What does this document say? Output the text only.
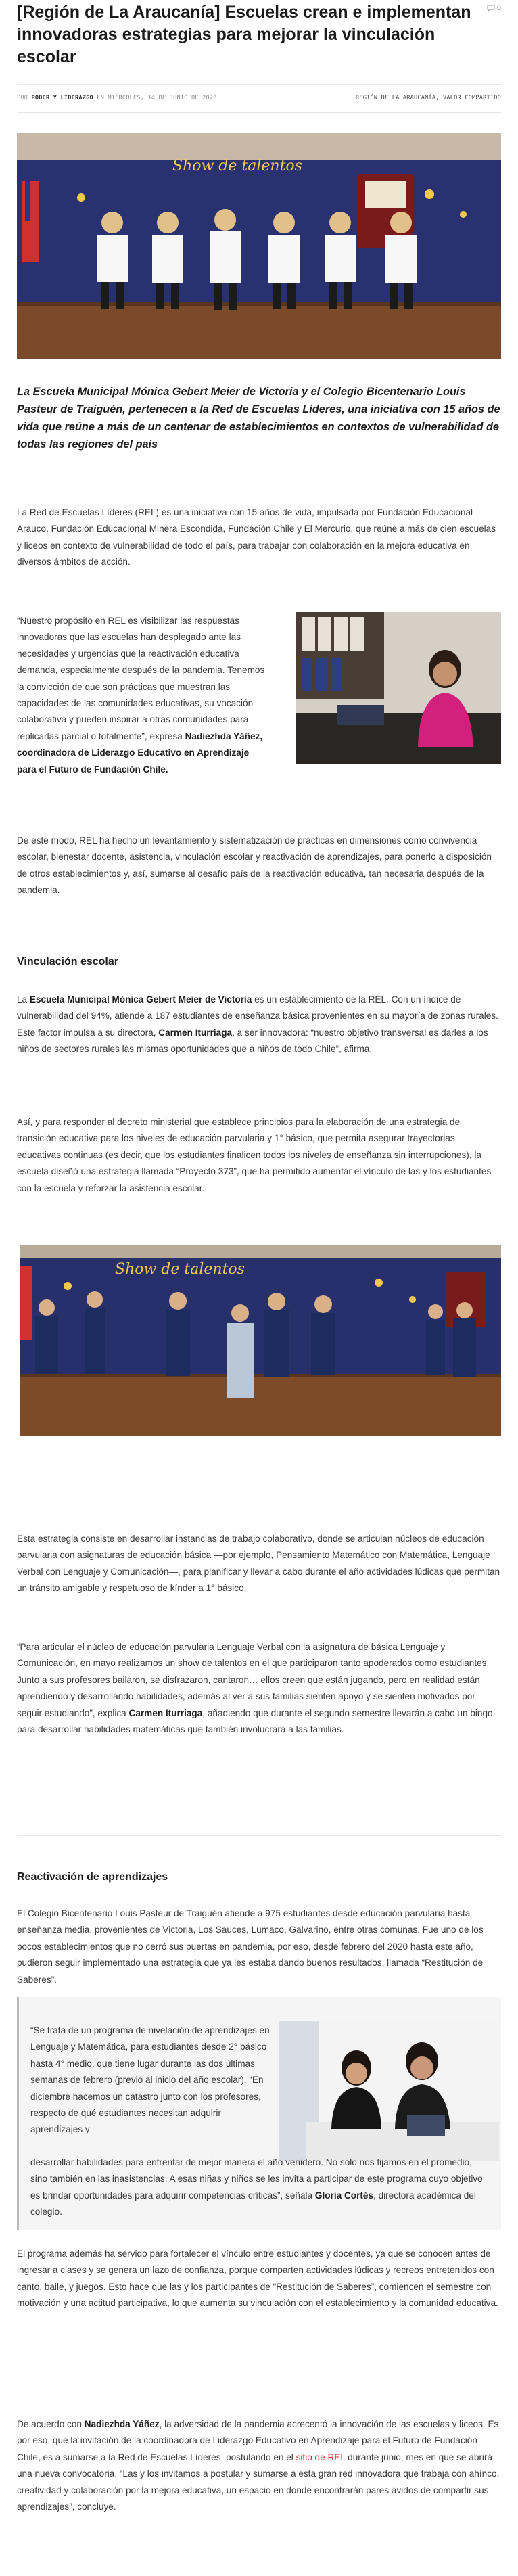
[Región de La Araucanía] Escuelas crean e implementan innovadoras estrategias para mejorar la vinculación escolar
0
POR PODER Y LIDERAZGO EN MIÉRCOLES, 14 DE JUNIO DE 2023	REGIÓN DE LA ARAUCANÍA, VALOR COMPARTIDO
Show de talentos

La Escuela Municipal Mónica Gebert Meier de Victoria y el Colegio Bicentenario Louis Pasteur de Traiguén, pertenecen a la Red de Escuelas Líderes, una iniciativa con 15 años de vida que reúne a más de un centenar de establecimientos en contextos de vulnerabilidad de todas las regiones del país

La Red de Escuelas Líderes (REL) es una iniciativa con 15 años de vida, impulsada por Fundación Educacional Arauco, Fundación Educacional Minera Escondida, Fundación Chile y El Mercurio, que reúne a más de cien escuelas y liceos en contexto de vulnerabilidad de todo el país, para trabajar con colaboración en la mejora educativa en diversos ámbitos de acción.

“Nuestro propósito en REL es visibilizar las respuestas innovadoras que las escuelas han desplegado ante las necesidades y urgencias que la reactivación educativa demanda, especialmente después de la pandemia. Tenemos la convicción de que son prácticas que muestran las capacidades de las comunidades educativas, su vocación colaborativa y pueden inspirar a otras comunidades para replicarlas parcial o totalmente”, expresa Nadiezhda Yáñez, coordinadora de Liderazgo Educativo en Aprendizaje para el Futuro de Fundación Chile.

De este modo, REL ha hecho un levantamiento y sistematización de prácticas en dimensiones como convivencia escolar, bienestar docente, asistencia, vinculación escolar y reactivación de aprendizajes, para ponerlo a disposición de otros establecimientos y, así, sumarse al desafío país de la reactivación educativa, tan necesaria después de la pandemia.

Vinculación escolar

La Escuela Municipal Mónica Gebert Meier de Victoria es un establecimiento de la REL. Con un índice de vulnerabilidad del 94%, atiende a 187 estudiantes de enseñanza básica provenientes en su mayoría de zonas rurales. Este factor impulsa a su directora, Carmen Iturriaga, a ser innovadora: “nuestro objetivo transversal es darles a los niños de sectores rurales las mismas oportunidades que a niños de todo Chile”, afirma.

Así, y para responder al decreto ministerial que establece principios para la elaboración de una estrategia de transición educativa para los niveles de educación parvularia y 1° básico, que permita asegurar trayectorias educativas continuas (es decir, que los estudiantes finalicen todos los niveles de enseñanza sin interrupciones), la escuela diseñó una estrategia llamada “Proyecto 373”, que ha permitido aumentar el vínculo de las y los estudiantes con la escuela y reforzar la asistencia escolar.

Show de talentos

Esta estrategia consiste en desarrollar instancias de trabajo colaborativo, donde se articulan núcleos de educación parvularia con asignaturas de educación básica —por ejemplo, Pensamiento Matemático con Matemática, Lenguaje Verbal con Lenguaje y Comunicación—, para planificar y llevar a cabo durante el año actividades lúdicas que permitan un tránsito amigable y respetuoso de kínder a 1° básico.

“Para articular el núcleo de educación parvularia Lenguaje Verbal con la asignatura de básica Lenguaje y Comunicación, en mayo realizamos un show de talentos en el que participaron tanto apoderados como estudiantes. Junto a sus profesores bailaron, se disfrazaron, cantaron… ellos creen que están jugando, pero en realidad están aprendiendo y desarrollando habilidades, además al ver a sus familias sienten apoyo y se sienten motivados por seguir estudiando”, explica Carmen Iturriaga, añadiendo que durante el segundo semestre llevarán a cabo un bingo para desarrollar habilidades matemáticas que también involucrará a las familias.

Reactivación de aprendizajes

El Colegio Bicentenario Louis Pasteur de Traiguén atiende a 975 estudiantes desde educación parvularia hasta enseñanza media, provenientes de Victoria, Los Sauces, Lumaco, Galvarino, entre otras comunas. Fue uno de los pocos establecimientos que no cerró sus puertas en pandemia, por eso, desde febrero del 2020 hasta este año, pudieron seguir implementado una estrategia que ya les estaba dando buenos resultados, llamada “Restitución de Saberes”.

“Se trata de un programa de nivelación de aprendizajes en Lenguaje y Matemática, para estudiantes desde 2° básico hasta 4° medio, que tiene lugar durante las dos últimas semanas de febrero (previo al inicio del año escolar). “En diciembre hacemos un catastro junto con los profesores, respecto de qué estudiantes necesitan adquirir aprendizajes y

desarrollar habilidades para enfrentar de mejor manera el año venidero. No solo nos fijamos en el promedio, sino también en las inasistencias. A esas niñas y niños se les invita a participar de este programa cuyo objetivo es brindar oportunidades para adquirir competencias críticas”, señala Gloria Cortés, directora académica del colegio.

El programa además ha servido para fortalecer el vínculo entre estudiantes y docentes, ya que se conocen antes de ingresar a clases y se genera un lazo de confianza, porque comparten actividades lúdicas y recreos entretenidos con canto, baile, y juegos. Esto hace que las y los participantes de “Restitución de Saberes”, comiencen el semestre con motivación y una actitud participativa, lo que aumenta su vinculación con el establecimiento y la comunidad educativa.

De acuerdo con Nadiezhda Yáñez, la adversidad de la pandemia acrecentó la innovación de las escuelas y liceos. Es por eso, que la invitación de la coordinadora de Liderazgo Educativo en Aprendizaje para el Futuro de Fundación Chile, es a sumarse a la Red de Escuelas Líderes, postulando en el sitio de REL durante junio, mes en que se abrirá una nueva convocatoria. “Las y los invitamos a postular y sumarse a esta gran red innovadora que trabaja con ahínco, creatividad y colaboración por la mejora educativa, un espacio en donde encontrarán pares ávidos de compartir sus aprendizajes”, concluye.
